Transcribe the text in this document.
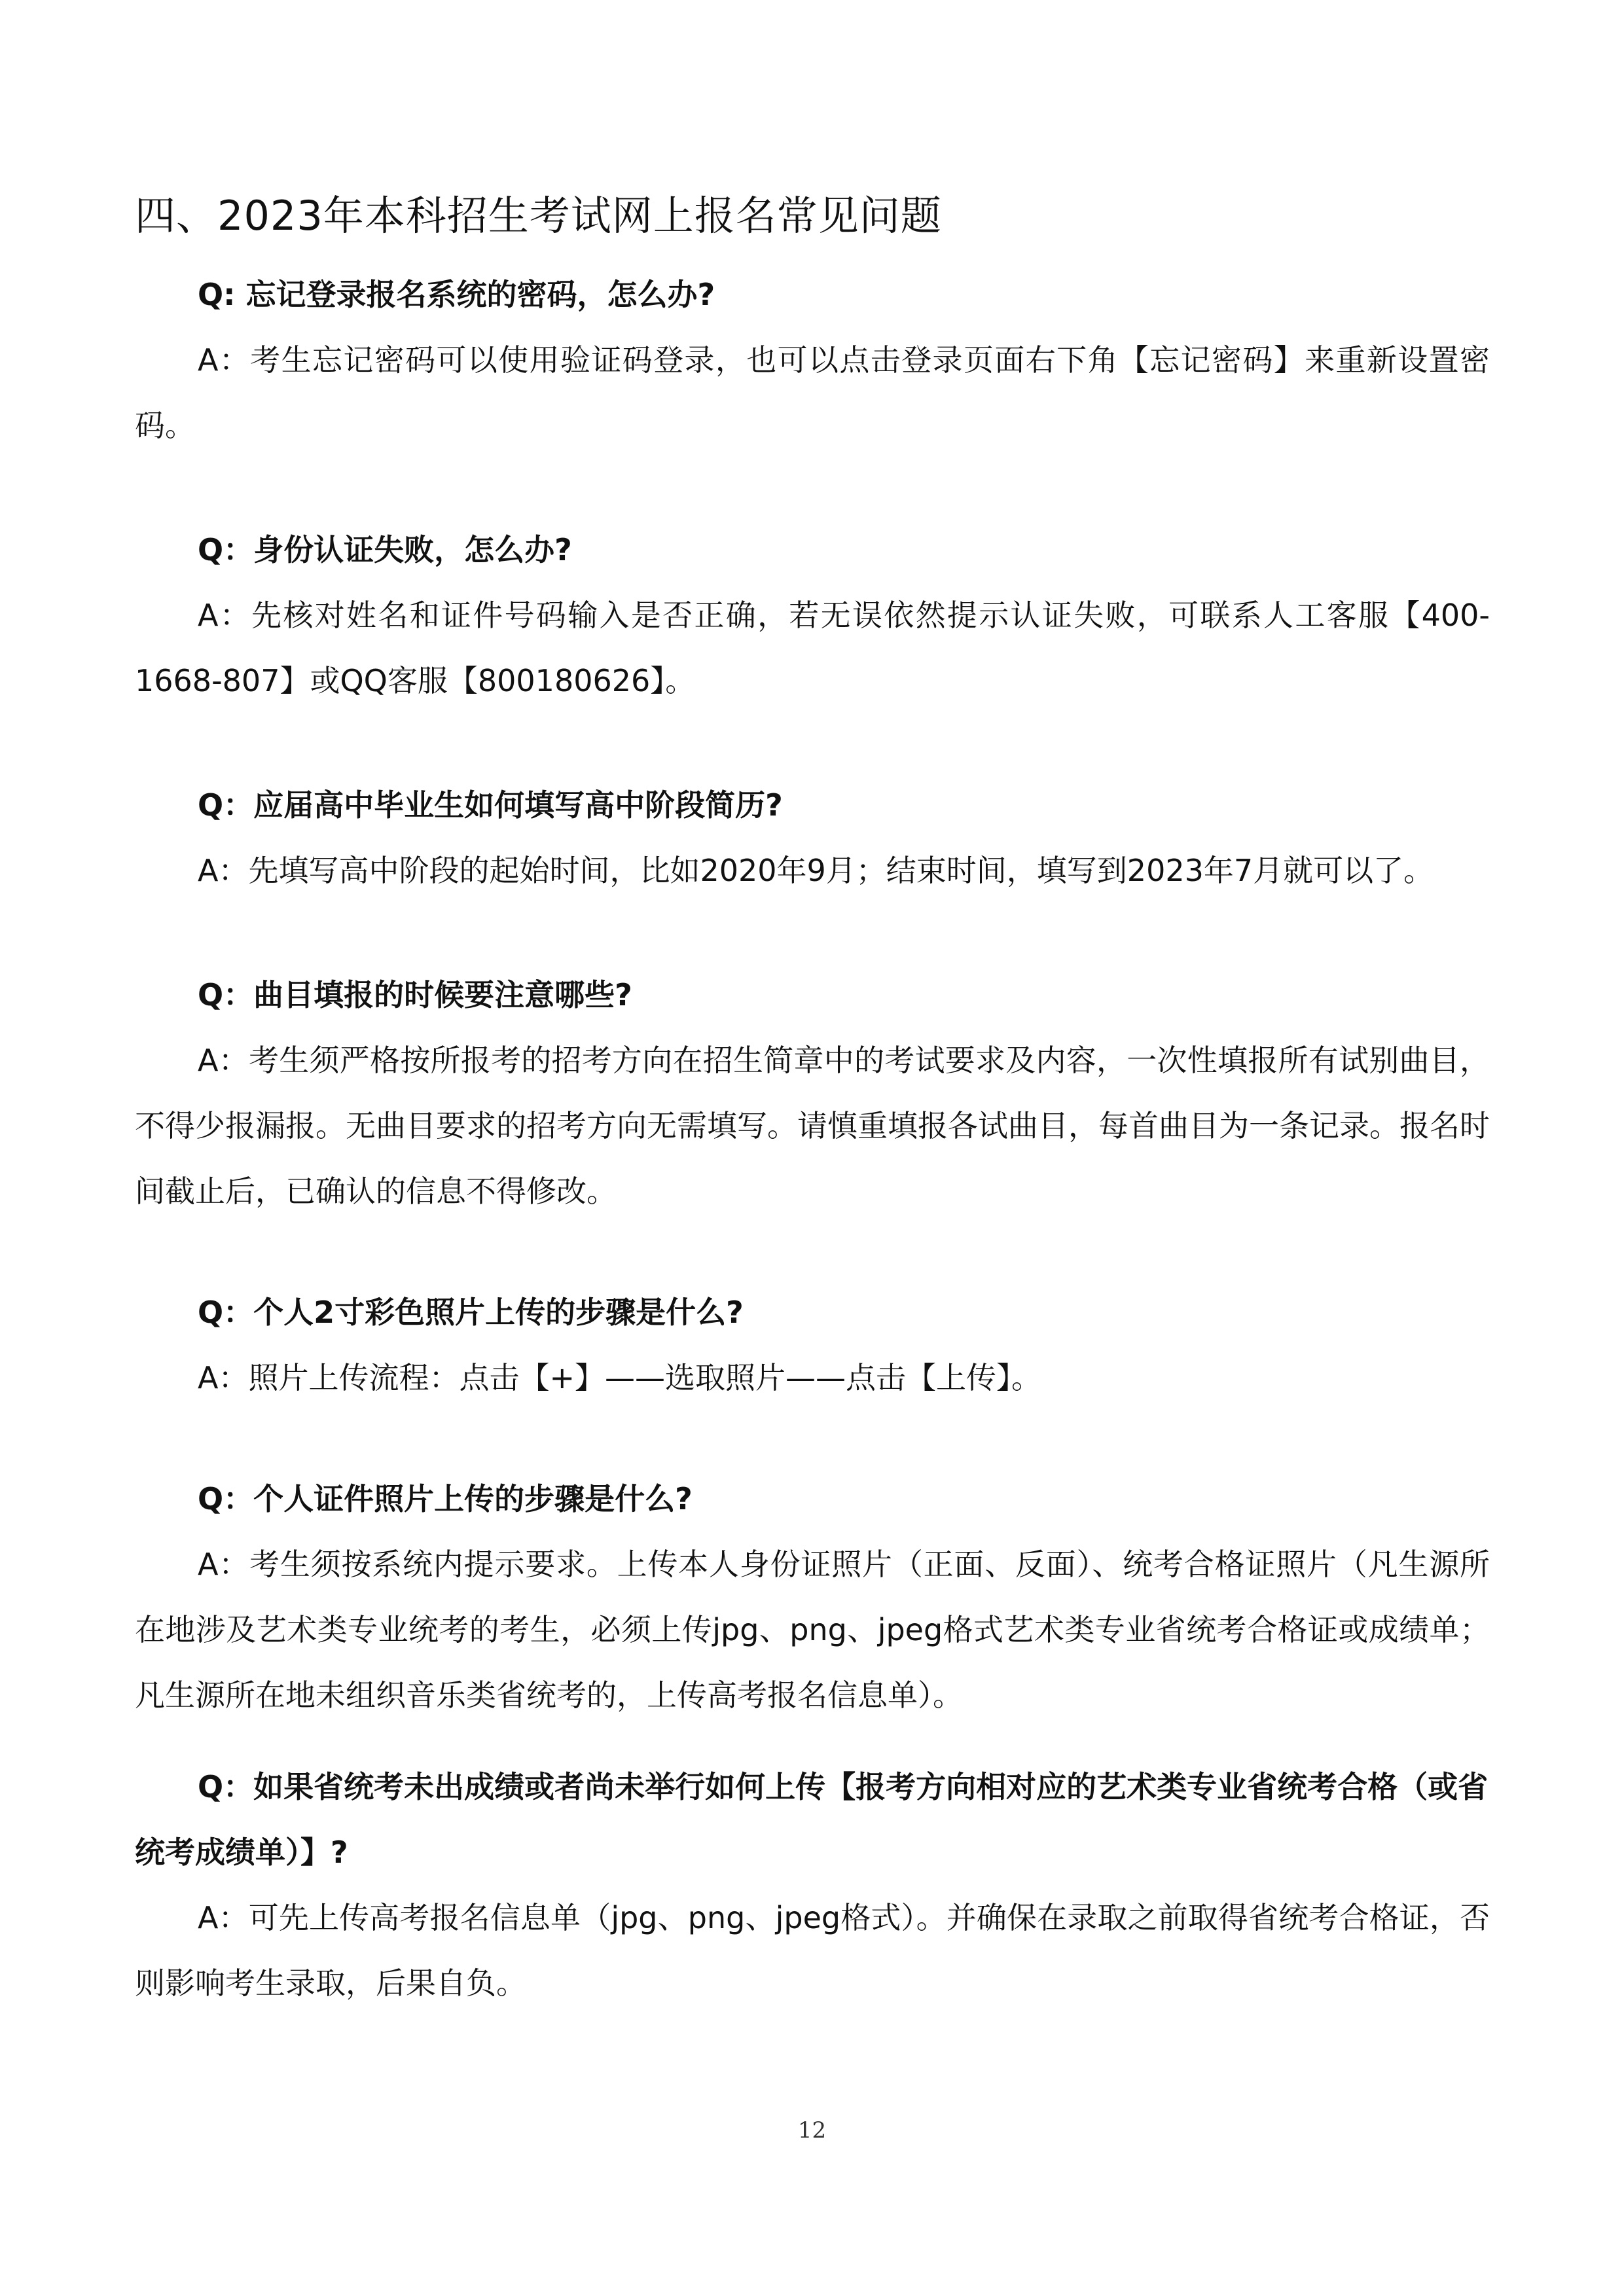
四、2023年本科招生考试网上报名常见问题

Q: 忘记登录报名系统的密码，怎么办?

A：考生忘记密码可以使用验证码登录，也可以点击登录页面右下角【忘记密码】来重新设置密码。

Q：身份认证失败，怎么办?

A：先核对姓名和证件号码输入是否正确，若无误依然提示认证失败，可联系人工客服【400-1668-807】或QQ客服【800180626】。

Q：应届高中毕业生如何填写高中阶段简历?

A：先填写高中阶段的起始时间，比如2020年9月；结束时间，填写到2023年7月就可以了。

Q：曲目填报的时候要注意哪些?

A：考生须严格按所报考的招考方向在招生简章中的考试要求及内容，一次性填报所有试别曲目，不得少报漏报。无曲目要求的招考方向无需填写。请慎重填报各试曲目，每首曲目为一条记录。报名时间截止后，已确认的信息不得修改。

Q：个人2寸彩色照片上传的步骤是什么?

A：照片上传流程：点击【+】——选取照片——点击【上传】。

Q：个人证件照片上传的步骤是什么?

A：考生须按系统内提示要求。上传本人身份证照片（正面、反面）、统考合格证照片（凡生源所在地涉及艺术类专业统考的考生，必须上传jpg、png、jpeg格式艺术类专业省统考合格证或成绩单；凡生源所在地未组织音乐类省统考的，上传高考报名信息单）。

Q：如果省统考未出成绩或者尚未举行如何上传【报考方向相对应的艺术类专业省统考合格（或省统考成绩单）】?

A：可先上传高考报名信息单（jpg、png、jpeg格式）。并确保在录取之前取得省统考合格证，否则影响考生录取，后果自负。

12
